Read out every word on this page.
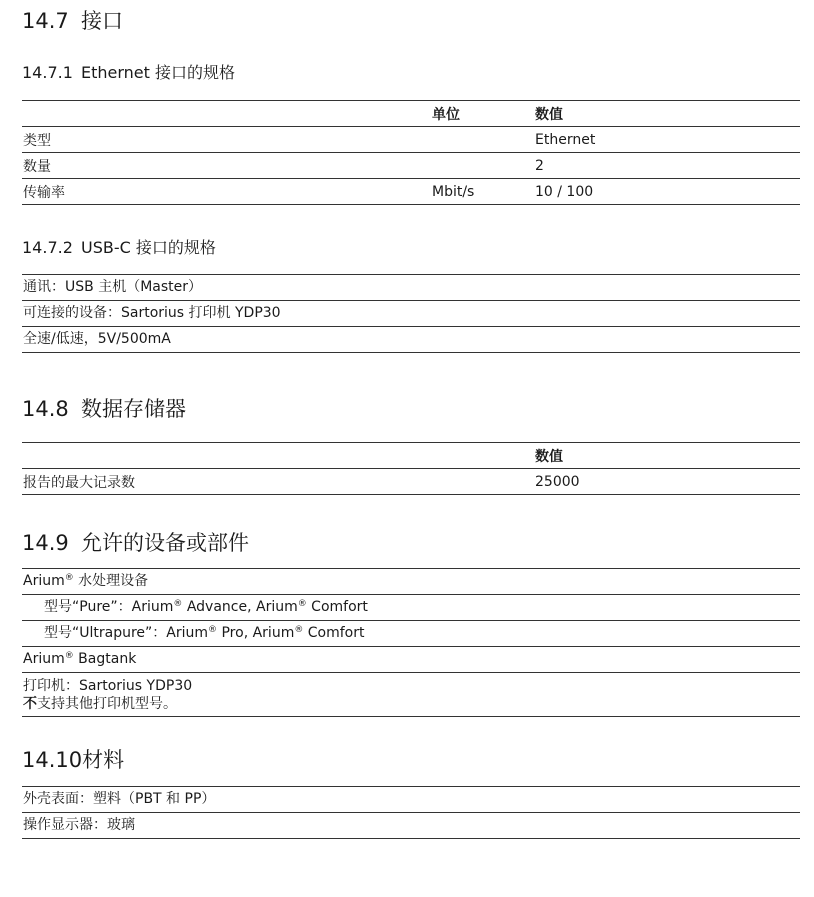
14.7 接口
14.7.1 Ethernet 接口的规格
	单位	数值
类型		Ethernet
数量		2
传输率	Mbit/s	10 / 100
14.7.2 USB-C 接口的规格
通讯：USB 主机（Master）
可连接的设备：Sartorius 打印机 YDP30
全速/低速，5V/500mA
14.8 数据存储器
		数值
报告的最大记录数		25000
14.9 允许的设备或部件
Arium® 水处理设备
型号“Pure”：Arium® Advance, Arium® Comfort
型号“Ultrapure”：Arium® Pro, Arium® Comfort
Arium® Bagtank
打印机：Sartorius YDP30
不支持其他打印机型号。
14.10材料
外壳表面：塑料（PBT 和 PP）
操作显示器：玻璃
